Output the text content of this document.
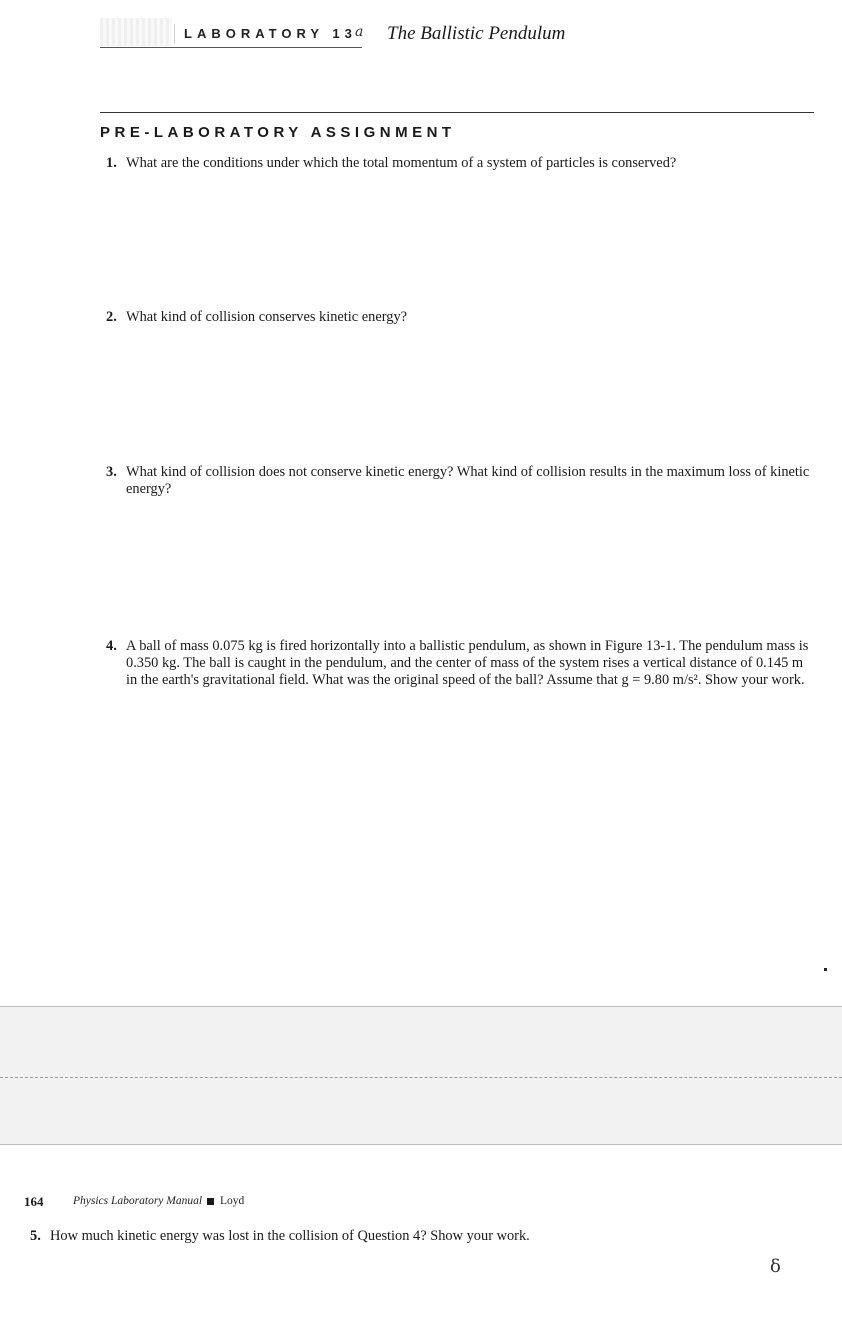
LABORATORY 13
a The Ballistic Pendulum
PRE-LABORATORY ASSIGNMENT
1. What are the conditions under which the total momentum of a system of particles is conserved?
2. What kind of collision conserves kinetic energy?
3. What kind of collision does not conserve kinetic energy? What kind of collision results in the maximum loss of kinetic energy?
4. A ball of mass 0.075 kg is fired horizontally into a ballistic pendulum, as shown in Figure 13-1. The pendulum mass is 0.350 kg. The ball is caught in the pendulum, and the center of mass of the system rises a vertical distance of 0.145 m in the earth's gravitational field. What was the original speed of the ball? Assume that g = 9.80 m/s². Show your work.
164	Physics Laboratory Manual Loyd
5. How much kinetic energy was lost in the collision of Question 4? Show your work.
δ
